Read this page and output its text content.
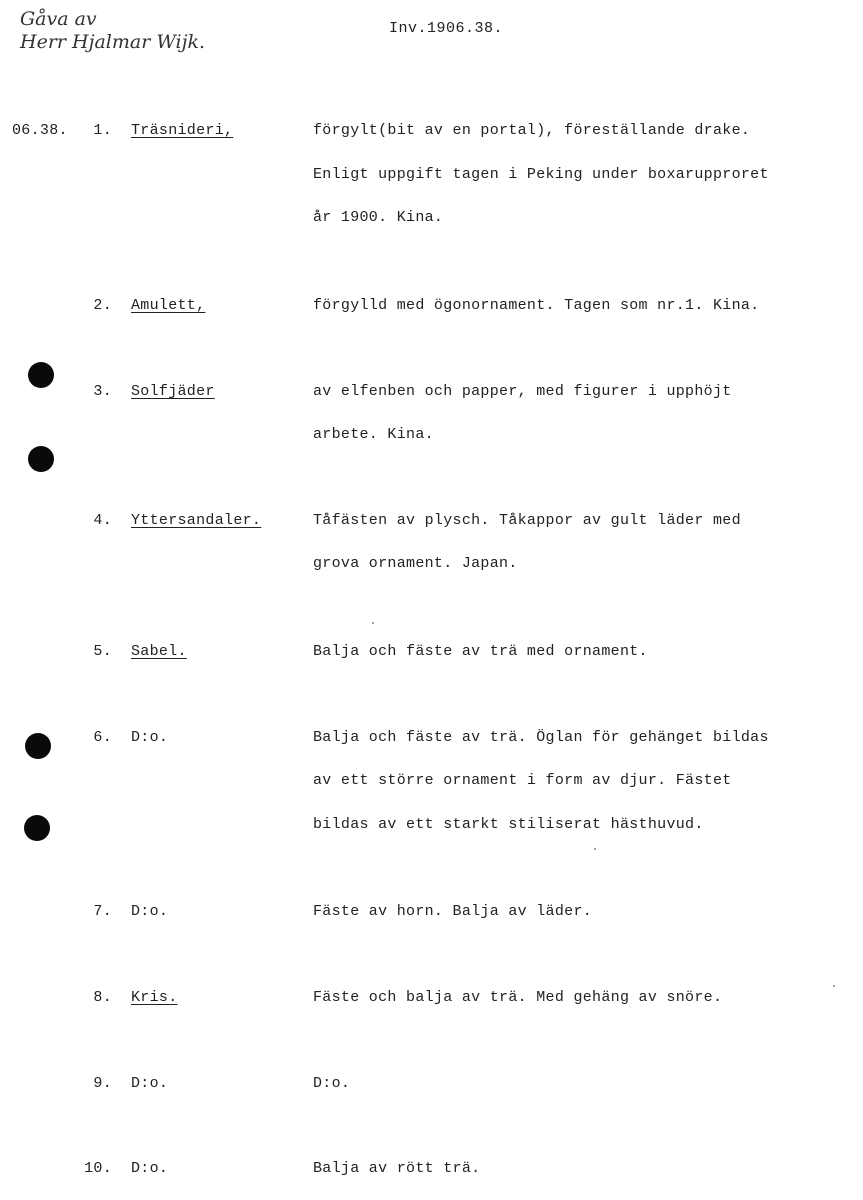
Gåva av
Herr Hjalmar Wijk.
Inv.1906.38.
06.38.	1. Träsnideri,	förgylt(bit av en portal), föreställande drake.
Enligt uppgift tagen i Peking under boxarupproret
år 1900. Kina.
2. Amulett,	förgylld med ögonornament. Tagen som nr.1. Kina.
3. Solfjäder	av elfenben och papper, med figurer i upphöjt
arbete. Kina.
4. Yttersandaler.	Tåfästen av plysch. Tåkappor av gult läder med
grova ornament. Japan.
5. Sabel.	Balja och fäste av trä med ornament.
6. D:o.	Balja och fäste av trä. Öglan för gehänget bildas
av ett större ornament i form av djur. Fästet
bildas av ett starkt stiliserat hästhuvud.
7. D:o.	Fäste av horn. Balja av läder.
8. Kris.	Fäste och balja av trä. Med gehäng av snöre.
9. D:o.	D:o.
10. D:o.	Balja av rött trä.
